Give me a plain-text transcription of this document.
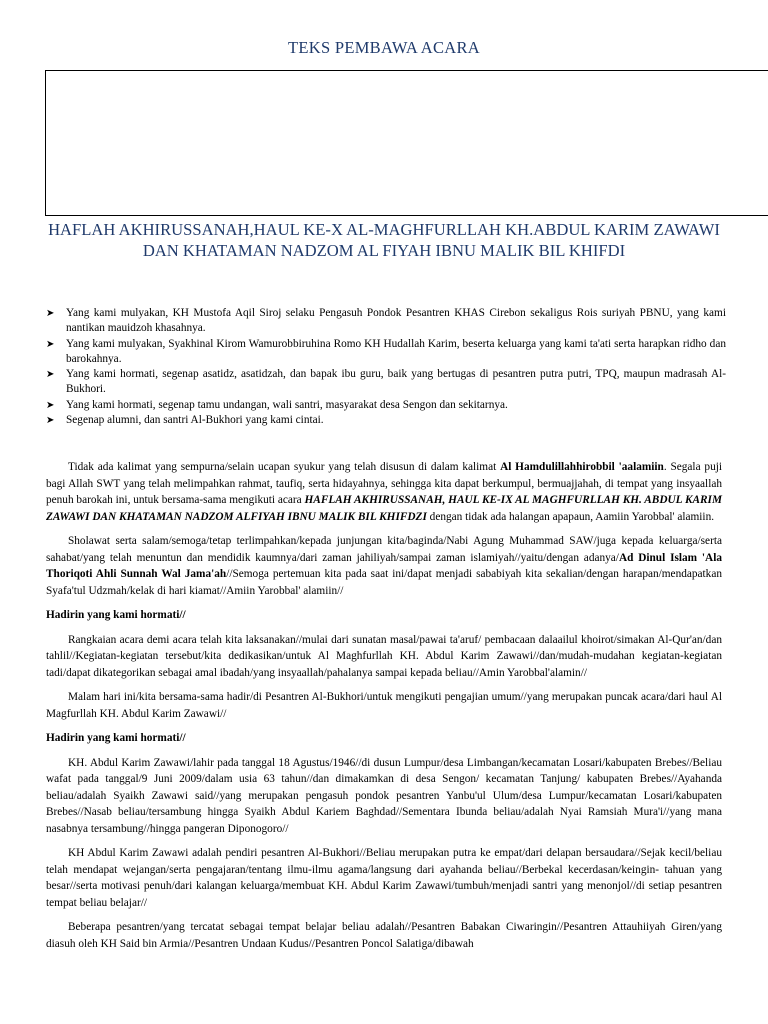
TEKS PEMBAWA ACARA
HAFLAH AKHIRUSSANAH,HAUL KE-X AL-MAGHFURLLAH KH.ABDUL KARIM ZAWAWI DAN KHATAMAN NADZOM AL FIYAH IBNU MALIK BIL KHIFDI
➤ Yang kami mulyakan, KH Mustofa Aqil Siroj selaku Pengasuh Pondok Pesantren KHAS Cirebon sekaligus Rois suriyah PBNU, yang kami nantikan mauidzoh khasahnya.
➤ Yang kami mulyakan, Syakhinal Kirom Wamurobbiruhina Romo KH Hudallah Karim, beserta keluarga yang kami ta'ati serta harapkan ridho dan barokahnya.
➤ Yang kami hormati, segenap asatidz, asatidzah, dan bapak ibu guru, baik yang bertugas di pesantren putra putri, TPQ, maupun madrasah Al-Bukhori.
➤ Yang kami hormati, segenap tamu undangan, wali santri, masyarakat desa Sengon dan sekitarnya.
➤ Segenap alumni, dan santri Al-Bukhori yang kami cintai.

Tidak ada kalimat yang sempurna/selain ucapan syukur yang telah disusun di dalam kalimat Al Hamdulillahhirobbil 'aalamiin. Segala puji bagi Allah SWT yang telah melimpahkan rahmat, taufiq, serta hidayahnya, sehingga kita dapat berkumpul, bermuajjahah, di tempat yang insyaallah penuh barokah ini, untuk bersama-sama mengikuti acara HAFLAH AKHIRUSSANAH, HAUL KE-IX AL MAGHFURLLAH KH. ABDUL KARIM ZAWAWI DAN KHATAMAN NADZOM ALFIYAH IBNU MALIK BIL KHIFDZI dengan tidak ada halangan apapaun, Aamiin Yarobbal' alamiin.

Sholawat serta salam/semoga/tetap terlimpahkan/kepada junjungan kita/baginda/Nabi Agung Muhammad SAW/juga kepada keluarga/serta sahabat/yang telah menuntun dan mendidik kaumnya/dari zaman jahiliyah/sampai zaman islamiyah//yaitu/dengan adanya/Ad Dinul Islam 'Ala Thoriqoti Ahli Sunnah Wal Jama'ah//Semoga pertemuan kita pada saat ini/dapat menjadi sababiyah kita sekalian/dengan harapan/mendapatkan Syafa'tul Udzmah/kelak di hari kiamat//Amiin Yarobbal' alamiin//

Hadirin yang kami hormati//

Rangkaian acara demi acara telah kita laksanakan//mulai dari sunatan masal/pawai ta'aruf/ pembacaan dalaailul khoirot/simakan Al-Qur'an/dan tahlil//Kegiatan-kegiatan tersebut/kita dedikasikan/untuk Al Maghfurllah KH. Abdul Karim Zawawi//dan/mudah-mudahan kegiatan-kegiatan tadi/dapat dikategorikan sebagai amal ibadah/yang insyaallah/pahalanya sampai kepada beliau//Amin Yarobbal'alamin//

Malam hari ini/kita bersama-sama hadir/di Pesantren Al-Bukhori/untuk mengikuti pengajian umum//yang merupakan puncak acara/dari haul Al Magfurllah KH. Abdul Karim Zawawi//

Hadirin yang kami hormati//

KH. Abdul Karim Zawawi/lahir pada tanggal 18 Agustus/1946//di dusun Lumpur/desa Limbangan/kecamatan Losari/kabupaten Brebes//Beliau wafat pada tanggal/9 Juni 2009/dalam usia 63 tahun//dan dimakamkan di desa Sengon/ kecamatan Tanjung/ kabupaten Brebes//Ayahanda beliau/adalah Syaikh Zawawi said//yang merupakan pengasuh pondok pesantren Yanbu'ul Ulum/desa Lumpur/kecamatan Losari/kabupaten Brebes//Nasab beliau/tersambung hingga Syaikh Abdul Kariem Baghdad//Sementara Ibunda beliau/adalah Nyai Ramsiah Mura'i//yang mana nasabnya tersambung//hingga pangeran Diponogoro//

KH Abdul Karim Zawawi adalah pendiri pesantren Al-Bukhori//Beliau merupakan putra ke empat/dari delapan bersaudara//Sejak kecil/beliau telah mendapat wejangan/serta pengajaran/tentang ilmu-ilmu agama/langsung dari ayahanda beliau//Berbekal kecerdasan/keingin- tahuan yang besar//serta motivasi penuh/dari kalangan keluarga/membuat KH. Abdul Karim Zawawi/tumbuh/menjadi santri yang menonjol//di setiap pesantren tempat beliau belajar//

Beberapa pesantren/yang tercatat sebagai tempat belajar beliau adalah//Pesantren Babakan Ciwaringin//Pesantren Attauhiiyah Giren/yang diasuh oleh KH Said bin Armia//Pesantren Undaan Kudus//Pesantren Poncol Salatiga/dibawah
